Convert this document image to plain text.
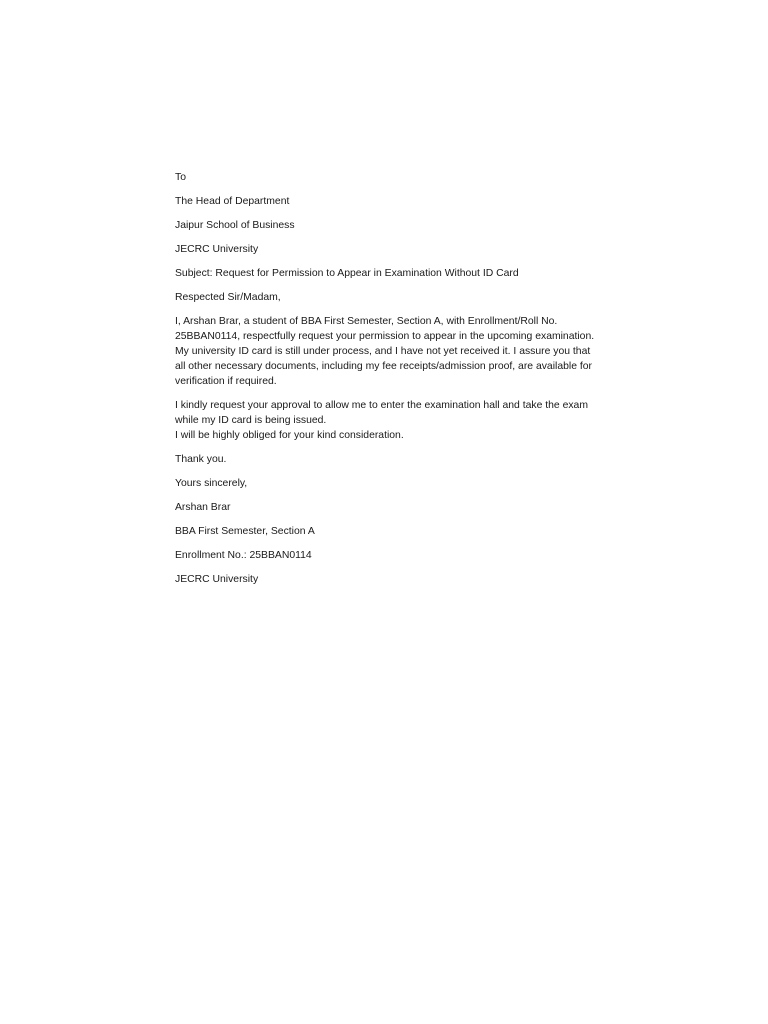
To
The Head of Department
Jaipur School of Business
JECRC University
Subject: Request for Permission to Appear in Examination Without ID Card
Respected Sir/Madam,
I, Arshan Brar, a student of BBA First Semester, Section A, with Enrollment/Roll No.
25BBAN0114, respectfully request your permission to appear in the upcoming examination.
My university ID card is still under process, and I have not yet received it. I assure you that
all other necessary documents, including my fee receipts/admission proof, are available for
verification if required.
I kindly request your approval to allow me to enter the examination hall and take the exam
while my ID card is being issued.
I will be highly obliged for your kind consideration.
Thank you.
Yours sincerely,
Arshan Brar
BBA First Semester, Section A
Enrollment No.: 25BBAN0114
JECRC University
